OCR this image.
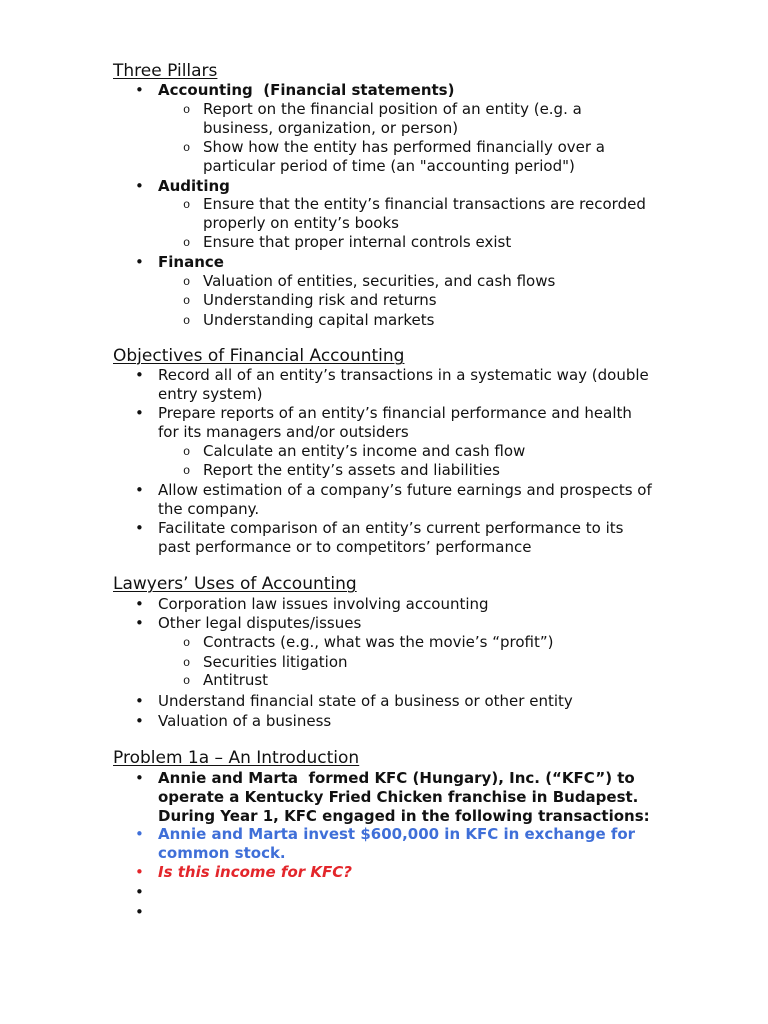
Three Pillars
• Accounting  (Financial statements)
o Report on the financial position of an entity (e.g. a
business, organization, or person)
o Show how the entity has performed financially over a
particular period of time (an "accounting period")
• Auditing
o Ensure that the entity’s financial transactions are recorded
properly on entity’s books
o Ensure that proper internal controls exist
• Finance
o Valuation of entities, securities, and cash flows
o Understanding risk and returns
o Understanding capital markets
Objectives of Financial Accounting
• Record all of an entity’s transactions in a systematic way (double
entry system)
• Prepare reports of an entity’s financial performance and health
for its managers and/or outsiders
o Calculate an entity’s income and cash flow
o Report the entity’s assets and liabilities
• Allow estimation of a company’s future earnings and prospects of
the company.
• Facilitate comparison of an entity’s current performance to its
past performance or to competitors’ performance
Lawyers’ Uses of Accounting
• Corporation law issues involving accounting
• Other legal disputes/issues
o Contracts (e.g., what was the movie’s “profit”)
o Securities litigation
o Antitrust
• Understand financial state of a business or other entity
• Valuation of a business
Problem 1a – An Introduction
• Annie and Marta  formed KFC (Hungary), Inc. (“KFC”) to
operate a Kentucky Fried Chicken franchise in Budapest.
During Year 1, KFC engaged in the following transactions:
• Annie and Marta invest $600,000 in KFC in exchange for
common stock.
• Is this income for KFC?
